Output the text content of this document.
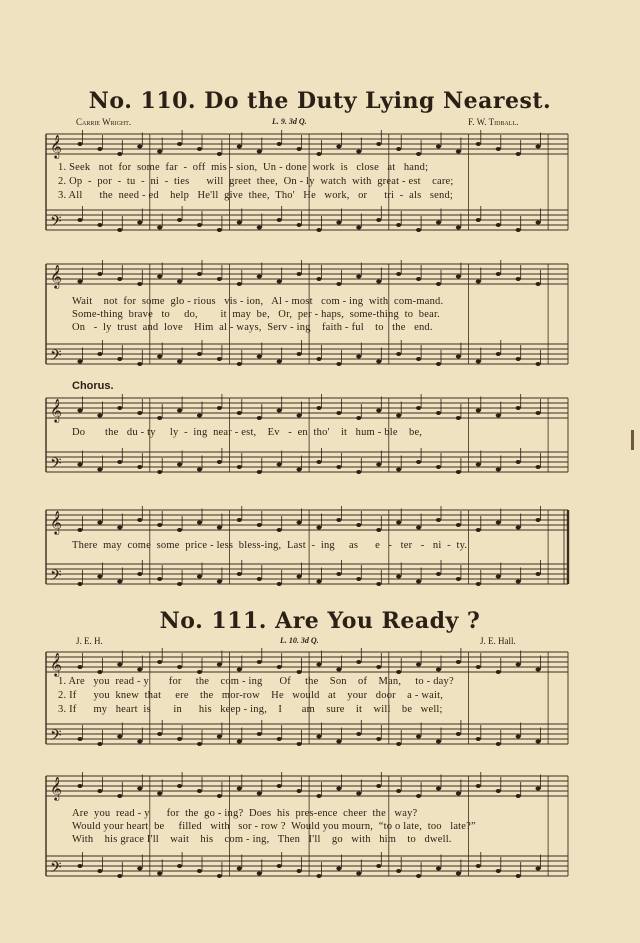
No. 110. Do the Duty Lying Nearest.
Carrie Wright.	L. 9. 3d Q.	F. W. Tidball.
𝄞
𝄢
1. Seek   not  for  some  far  -  off  mis - sion,  Un - done  work  is   close   at   hand;
2. Op  -  por  -  tu  -  ni  -  ties      will  greet  thee,  On - ly  watch  with  great - est    care;
3. All      the  need - ed    help   He'll  give  thee,  Tho'   He   work,   or      tri  -  als   send;
𝄞
𝄢
Wait    not  for  some  glo - rious   vis - ion,   Al - most   com - ing  with  com-mand.
Some-thing  brave   to     do,        it  may  be,   Or,  per - haps,  some-thing  to  bear.
On   -  ly  trust  and  love    Him  al - ways,  Serv - ing    faith - ful    to   the   end.
Chorus.
𝄞
𝄢
Do       the   du - ty     ly  -  ing  near - est,    Ev   -  en  tho'    it   hum - ble    be,
𝄞
𝄢
There  may  come  some  price - less  bless-ing,  Last  -  ing     as      e   -   ter   -   ni  -  ty.
No. 111. Are You Ready ?
J. E. H.	L. 10. 3d Q.	J. E. Hall.
𝄞
𝄢
1. Are   you  read - y       for     the    com - ing      Of     the    Son    of    Man,     to - day?
2. If      you  knew  that     ere    the   mor-row    He   would   at    your   door    a - wait,
3. If      my   heart  is        in      his   keep - ing,    I       am    sure    it    will    be   well;
𝄞
𝄢
Are  you  read - y      for  the  go - ing?  Does  his  pres-ence  cheer  the   way?
Would your heart  be     filled   with   sor - row ?  Would you mourn,  “to o late,  too   late?”
With    his grace I'll    wait    his    com - ing,   Then   I'll    go   with   him    to   dwell.
